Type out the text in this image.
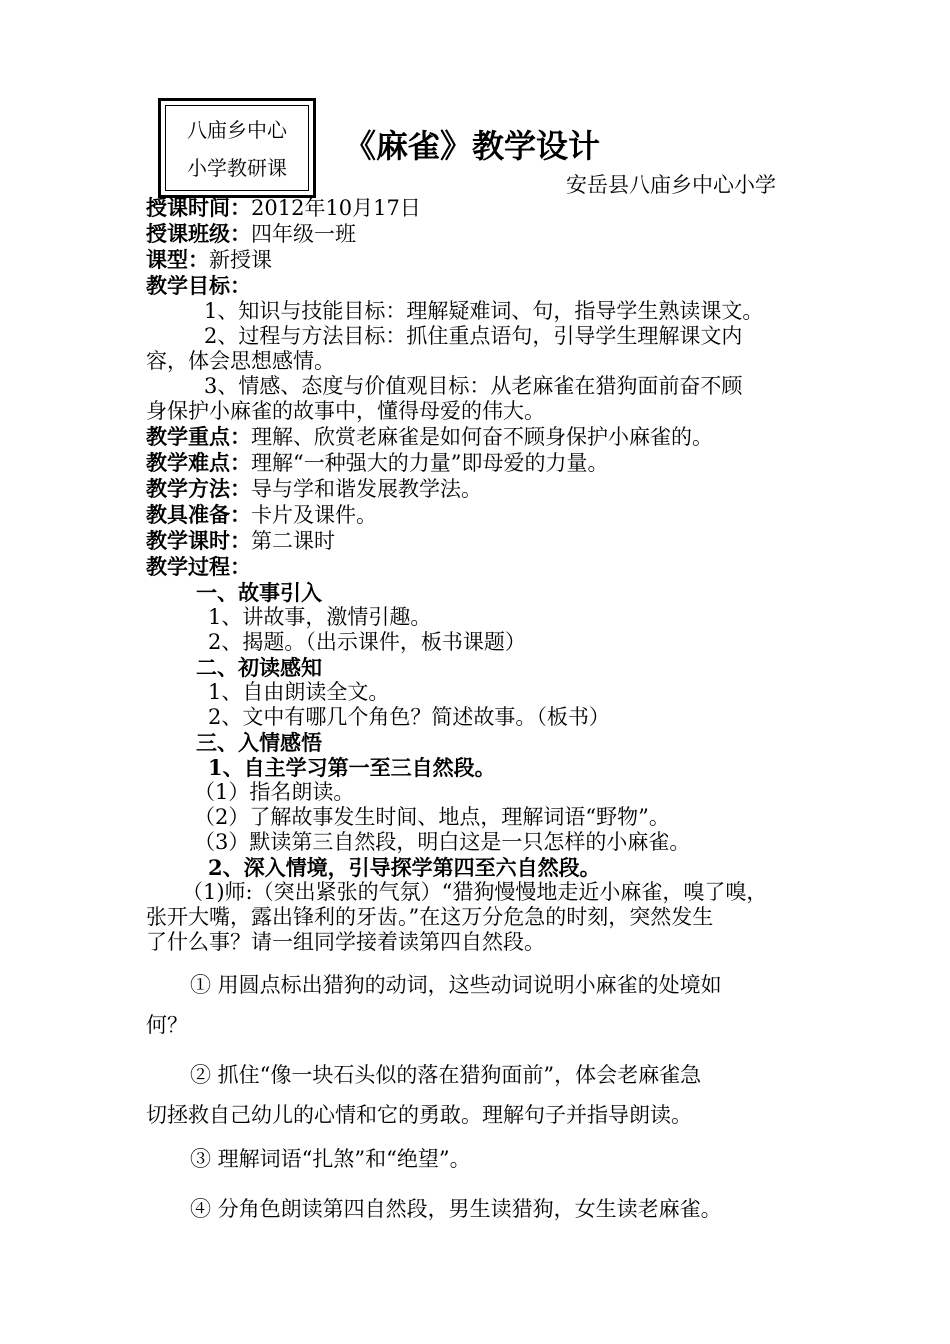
八庙乡中心
小学教研课
《麻雀》教学设计
安岳县八庙乡中心小学
授课时间：2012年10月17日
授课班级：四年级一班
课型：新授课
教学目标：
1、知识与技能目标：理解疑难词、句，指导学生熟读课文。
2、过程与方法目标：抓住重点语句，引导学生理解课文内
容，体会思想感情。
3、情感、态度与价值观目标：从老麻雀在猎狗面前奋不顾
身保护小麻雀的故事中，懂得母爱的伟大。
教学重点：理解、欣赏老麻雀是如何奋不顾身保护小麻雀的。
教学难点：理解“一种强大的力量”即母爱的力量。
教学方法：导与学和谐发展教学法。
教具准备：卡片及课件。
教学课时：第二课时
教学过程：
一、故事引入
1、讲故事，激情引趣。
2、揭题。（出示课件，板书课题）
二、初读感知
1、自由朗读全文。
2、文中有哪几个角色？简述故事。（板书）
三、入情感悟
1、自主学习第一至三自然段。
（1）指名朗读。
（2）了解故事发生时间、地点，理解词语“野物”。
（3）默读第三自然段，明白这是一只怎样的小麻雀。
2、深入情境，引导探学第四至六自然段。
（1)师:（突出紧张的气氛）“猎狗慢慢地走近小麻雀，嗅了嗅，
张开大嘴，露出锋利的牙齿。”在这万分危急的时刻，突然发生
了什么事？请一组同学接着读第四自然段。
① 用圆点标出猎狗的动词，这些动词说明小麻雀的处境如
何？
② 抓住“像一块石头似的落在猎狗面前”，体会老麻雀急
切拯救自己幼儿的心情和它的勇敢。理解句子并指导朗读。
③ 理解词语“扎煞”和“绝望”。
④ 分角色朗读第四自然段，男生读猎狗，女生读老麻雀。
